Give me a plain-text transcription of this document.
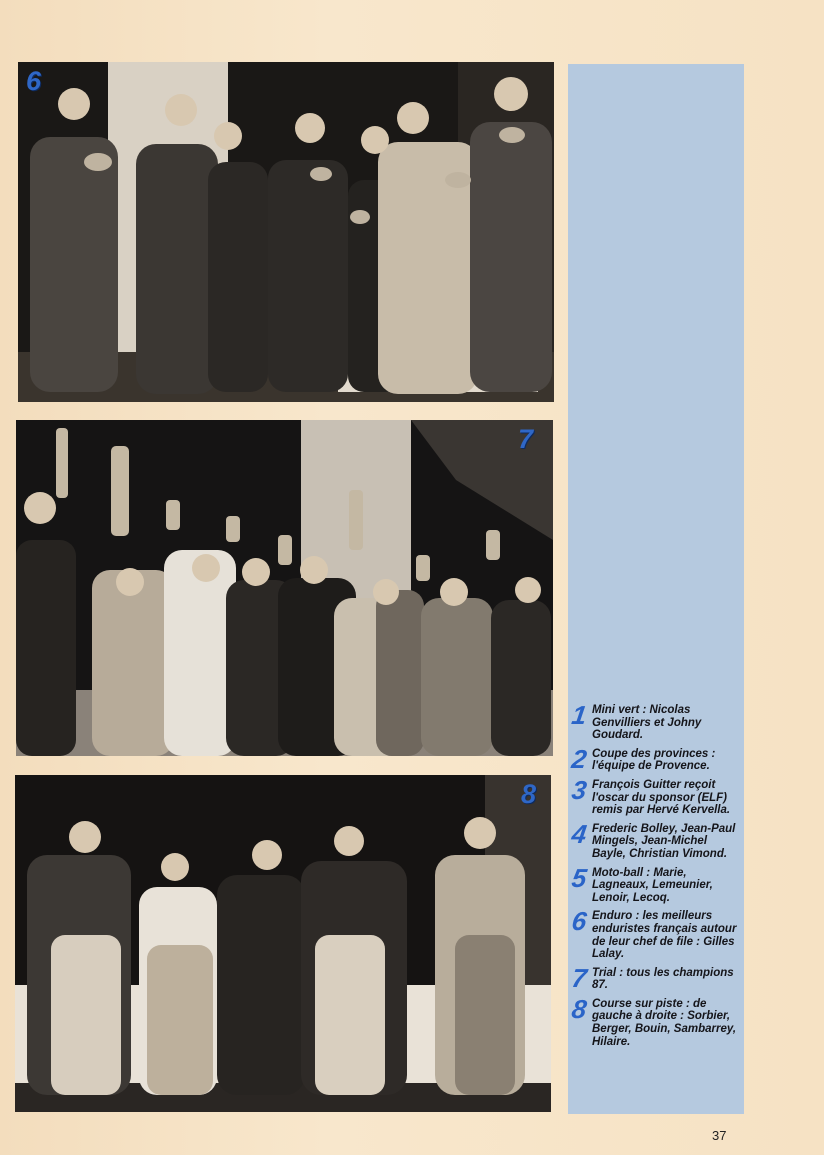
6
7
8
1 Mini vert : Nicolas Genvilliers et Johny Goudard.
2 Coupe des provinces : l'équipe de Provence.
3 François Guitter reçoit l'oscar du sponsor (ELF) remis par Hervé Kervella.
4 Frederic Bolley, Jean-Paul Mingels, Jean-Michel Bayle, Christian Vimond.
5 Moto-ball : Marie, Lagneaux, Lemeunier, Lenoir, Lecoq.
6 Enduro : les meilleurs enduristes français autour de leur chef de file : Gilles Lalay.
7 Trial : tous les champions 87.
8 Course sur piste : de gauche à droite : Sorbier, Berger, Bouin, Sambarrey, Hilaire.
37
